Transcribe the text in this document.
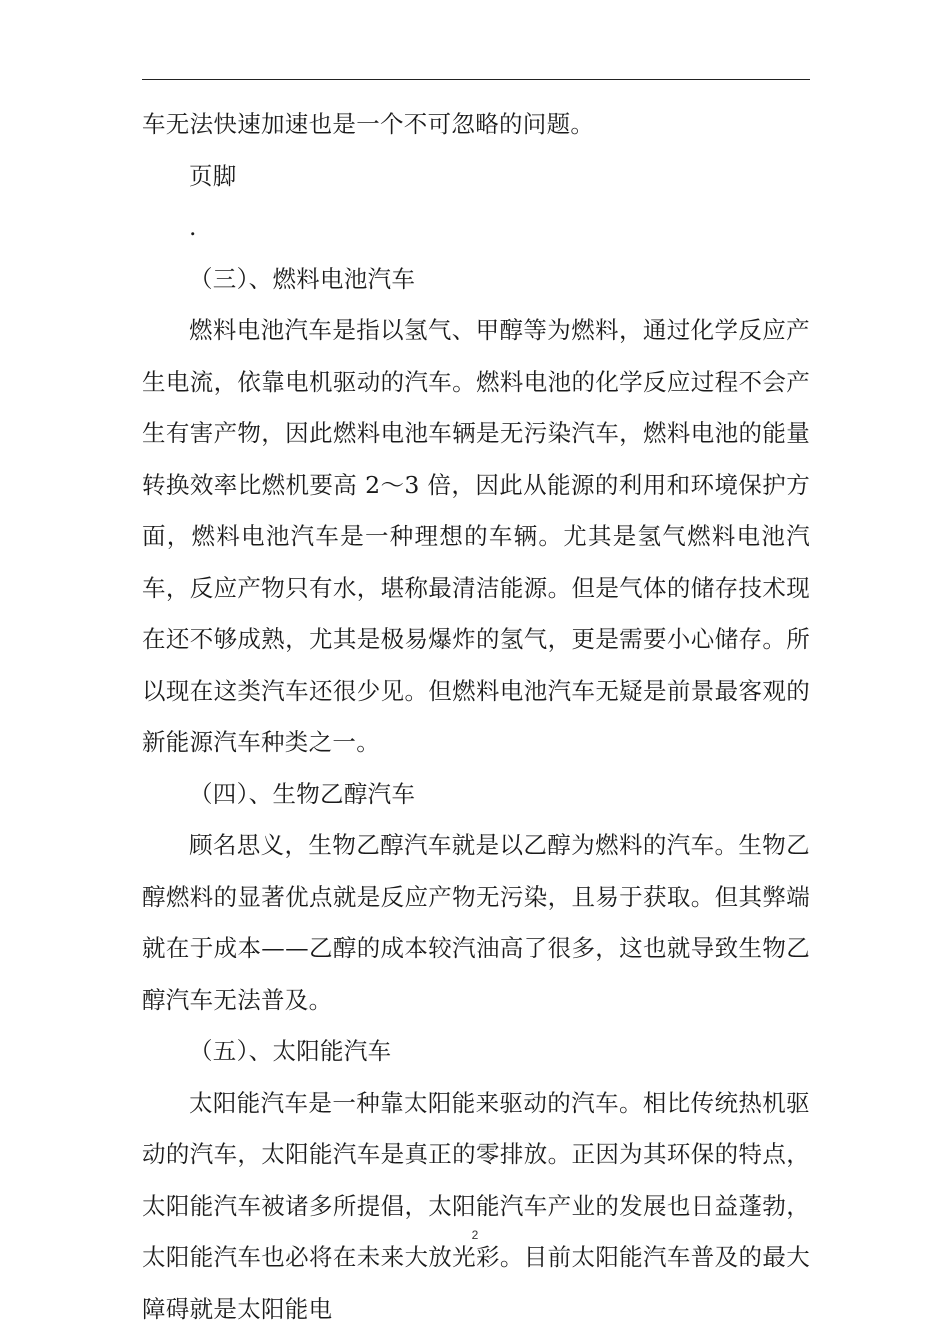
车无法快速加速也是一个不可忽略的问题。

页脚

.

（三）、燃料电池汽车

燃料电池汽车是指以氢气、甲醇等为燃料，通过化学反应产生电流，依靠电机驱动的汽车。燃料电池的化学反应过程不会产生有害产物，因此燃料电池车辆是无污染汽车，燃料电池的能量转换效率比燃机要高 2～3 倍，因此从能源的利用和环境保护方面，燃料电池汽车是一种理想的车辆。尤其是氢气燃料电池汽车，反应产物只有水，堪称最清洁能源。但是气体的储存技术现在还不够成熟，尤其是极易爆炸的氢气，更是需要小心储存。所以现在这类汽车还很少见。但燃料电池汽车无疑是前景最客观的新能源汽车种类之一。

（四）、生物乙醇汽车

顾名思义，生物乙醇汽车就是以乙醇为燃料的汽车。生物乙醇燃料的显著优点就是反应产物无污染，且易于获取。但其弊端就在于成本——乙醇的成本较汽油高了很多，这也就导致生物乙醇汽车无法普及。

（五）、太阳能汽车

太阳能汽车是一种靠太阳能来驱动的汽车。相比传统热机驱动的汽车，太阳能汽车是真正的零排放。正因为其环保的特点，太阳能汽车被诸多所提倡，太阳能汽车产业的发展也日益蓬勃，太阳能汽车也必将在未来大放光彩。目前太阳能汽车普及的最大障碍就是太阳能电

2
